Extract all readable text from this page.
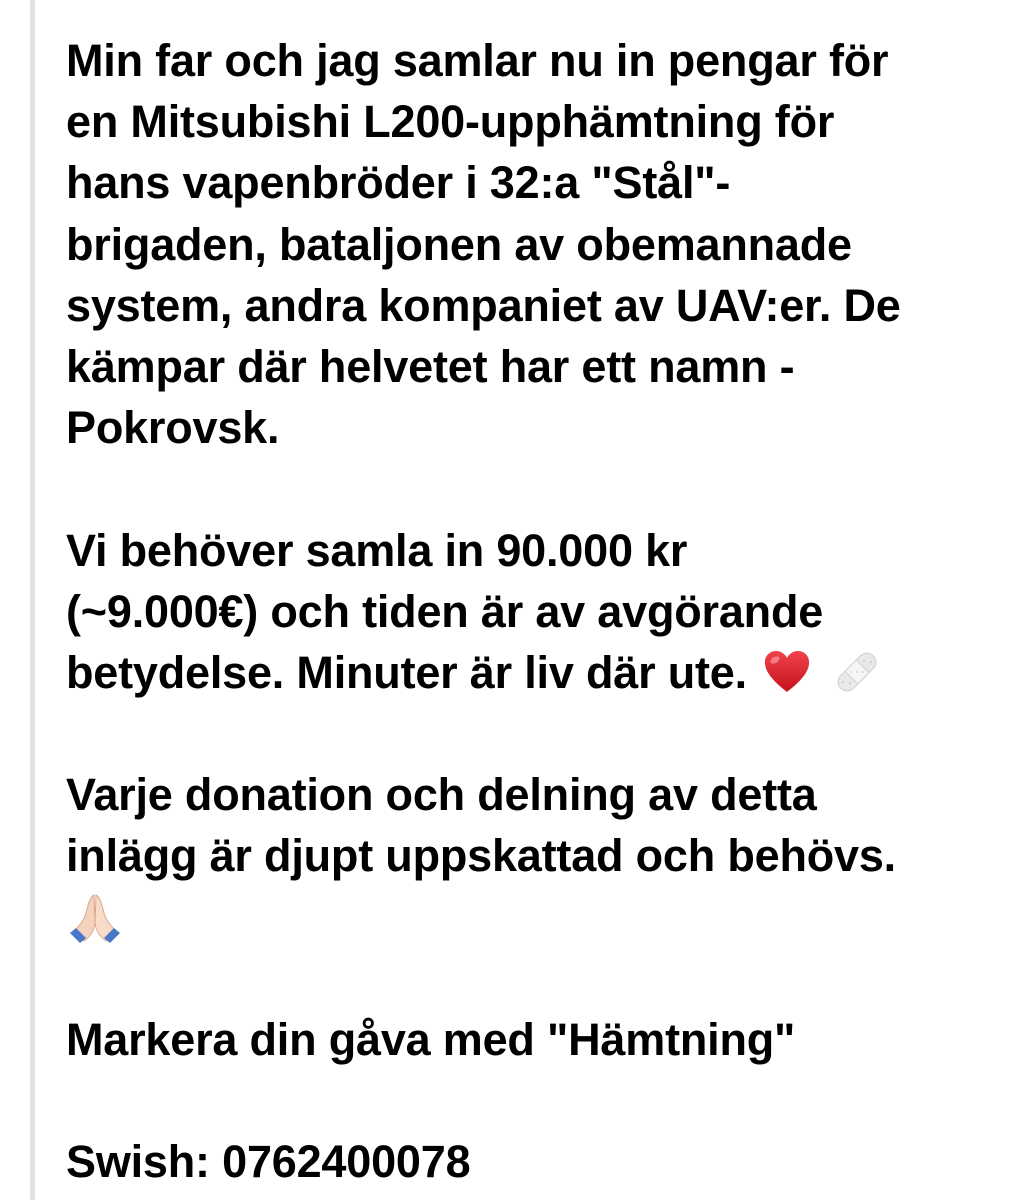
Min far och jag samlar nu in pengar för
en Mitsubishi L200-upphämtning för
hans vapenbröder i 32:a "Stål"-
brigaden, bataljonen av obemannade
system, andra kompaniet av UAV:er. De
kämpar där helvetet har ett namn -
Pokrovsk.
Vi behöver samla in 90.000 kr
(~9.000€) och tiden är av avgörande
betydelse. Minuter är liv där ute.
Varje donation och delning av detta
inlägg är djupt uppskattad och behövs.
Markera din gåva med "Hämtning"
Swish: 0762400078
